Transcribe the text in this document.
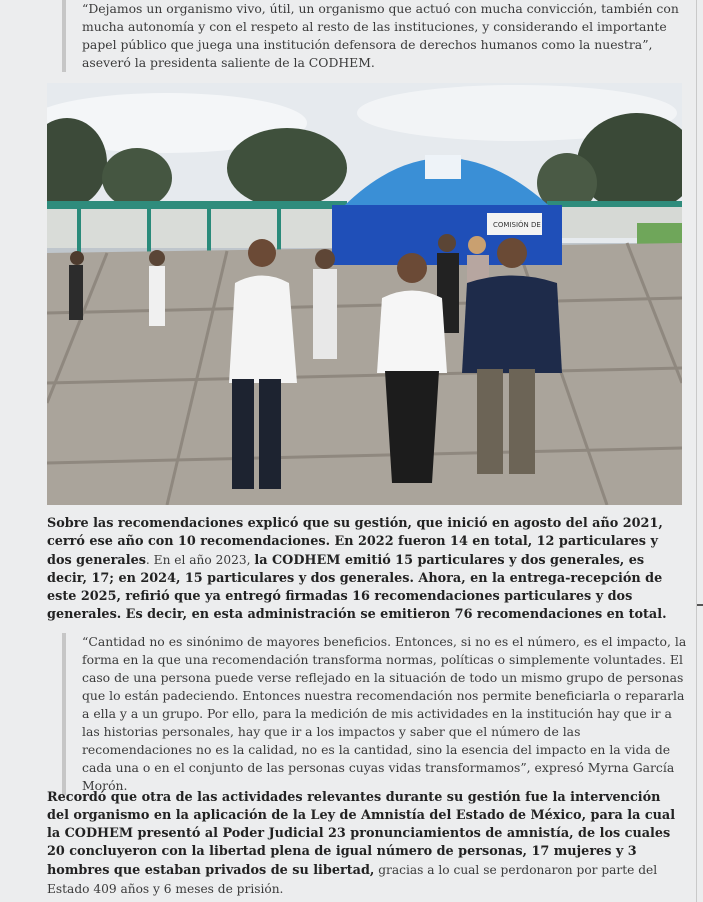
“Dejamos un organismo vivo, útil, un organismo que actuó con mucha convicción, también con mucha autonomía y con el respeto al resto de las instituciones, y considerando el importante papel público que juega una institución defensora de derechos humanos como la nuestra”, aseveró la presidenta saliente de la CODHEM.
COMISIÓN DE

Sobre las recomendaciones explicó que su gestión, que inició en agosto del año 2021, cerró ese año con 10 recomendaciones. En 2022 fueron 14 en total, 12 particulares y dos generales. En el año 2023, la CODHEM emitió 15 particulares y dos generales, es decir, 17; en 2024, 15 particulares y dos generales. Ahora, en la entrega-recepción de este 2025, refirió que ya entregó firmadas 16 recomendaciones particulares y dos generales. Es decir, en esta administración se emitieron 76 recomendaciones en total.

“Cantidad no es sinónimo de mayores beneficios. Entonces, si no es el número, es el impacto, la forma en la que una recomendación transforma normas, políticas o simplemente voluntades. El caso de una persona puede verse reflejado en la situación de todo un mismo grupo de personas que lo están padeciendo. Entonces nuestra recomendación nos permite beneficiarla o repararla a ella y a un grupo. Por ello, para la medición de mis actividades en la institución hay que ir a las historias personales, hay que ir a los impactos y saber que el número de las recomendaciones no es la calidad, no es la cantidad, sino la esencia del impacto en la vida de cada una o en el conjunto de las personas cuyas vidas transformamos”, expresó Myrna García Morón.

Recordó que otra de las actividades relevantes durante su gestión fue la intervención del organismo en la aplicación de la Ley de Amnistía del Estado de México, para la cual la CODHEM presentó al Poder Judicial 23 pronunciamientos de amnistía, de los cuales 20 concluyeron con la libertad plena de igual número de personas, 17 mujeres y 3 hombres que estaban privados de su libertad, gracias a lo cual se perdonaron por parte del Estado 409 años y 6 meses de prisión.
